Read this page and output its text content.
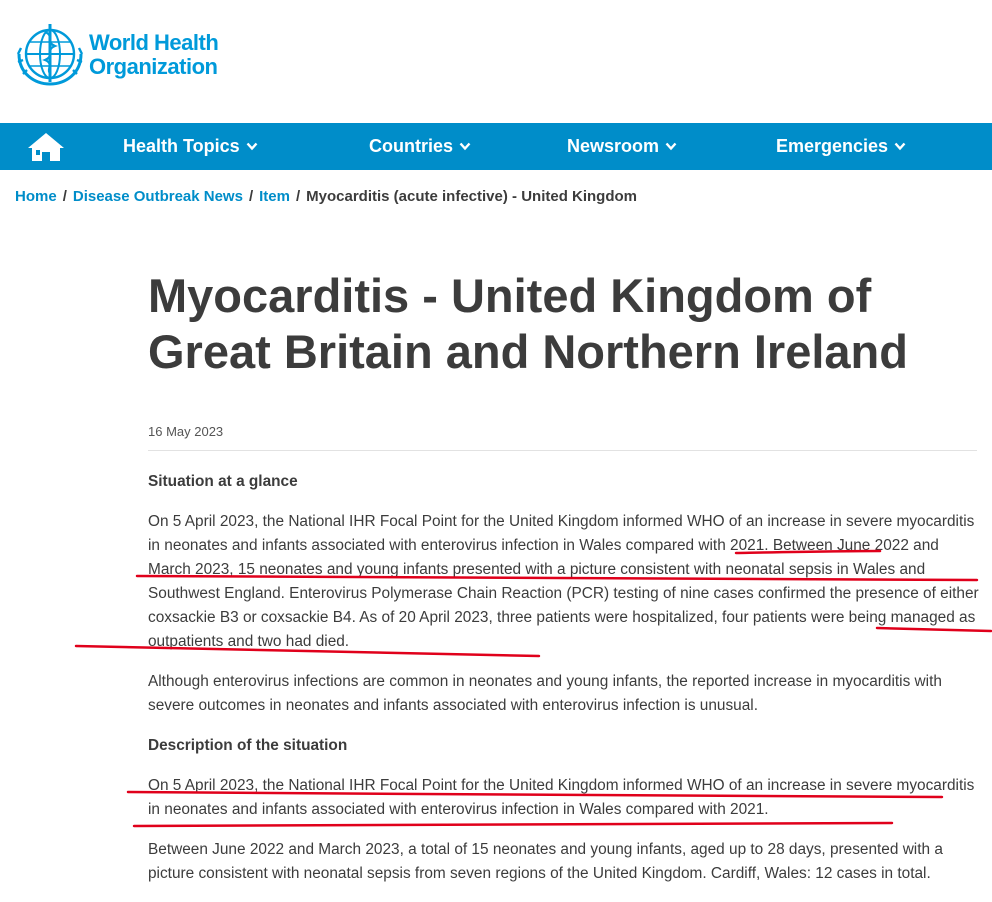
World Health
Organization
Health Topics	Countries	Newsroom	Emergencies
Home / Disease Outbreak News / Item / Myocarditis (acute infective) - United Kingdom
Myocarditis - United Kingdom of Great Britain and Northern Ireland
16 May 2023
Situation at a glance

On 5 April 2023, the National IHR Focal Point for the United Kingdom informed WHO of an increase in severe myocarditis in neonates and infants associated with enterovirus infection in Wales compared with 2021. Between June 2022 and March 2023, 15 neonates and young infants presented with a picture consistent with neonatal sepsis in Wales and Southwest England. Enterovirus Polymerase Chain Reaction (PCR) testing of nine cases confirmed the presence of either coxsackie B3 or coxsackie B4. As of 20 April 2023, three patients were hospitalized, four patients were being managed as outpatients and two had died.

Although enterovirus infections are common in neonates and young infants, the reported increase in myocarditis with severe outcomes in neonates and infants associated with enterovirus infection is unusual.

Description of the situation

On 5 April 2023, the National IHR Focal Point for the United Kingdom informed WHO of an increase in severe myocarditis in neonates and infants associated with enterovirus infection in Wales compared with 2021.

Between June 2022 and March 2023, a total of 15 neonates and young infants, aged up to 28 days, presented with a picture consistent with neonatal sepsis from seven regions of the United Kingdom. Cardiff, Wales: 12 cases in total.
